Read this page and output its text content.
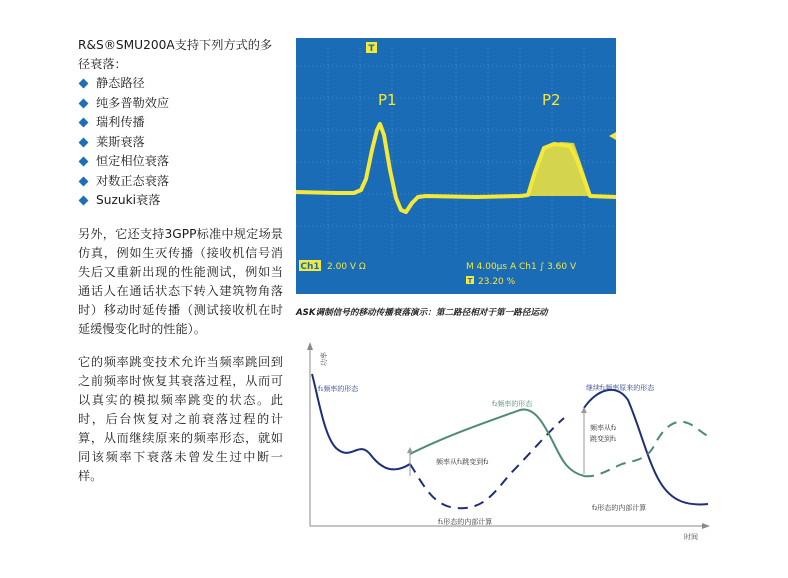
R&S®SMU200A支持下列方式的多径衰落：

静态路径
纯多普勒效应
瑞利传播
莱斯衰落
恒定相位衰落
对数正态衰落
Suzuki衰落

另外，它还支持3GPP标准中规定场景仿真，例如生灭传播（接收机信号消失后又重新出现的性能测试，例如当通话人在通话状态下转入建筑物角落时）移动时延传播（测试接收机在时延缓慢变化时的性能）。

它的频率跳变技术允许当频率跳回到之前频率时恢复其衰落过程，从而可以真实的模拟频率跳变的状态。此时，后台恢复对之前衰落过程的计算，从而继续原来的频率形态，就如同该频率下衰落未曾发生过中断一样。

T
P1	P2
Ch1 2.00 V Ω	M 4.00µs A Ch1 ∫ 3.60 V
T 23.20 %
ASK调制信号的移动传播衰落演示：第二路径相对于第一路径运动
功率
时间
f₁频率的形态
f₂频率的形态
继续f₁频率原来的形态
频率从f₁跳变到f₂
频率从f₂
跳变到f₁
f₁形态的内部计算
f₂形态的内部计算
